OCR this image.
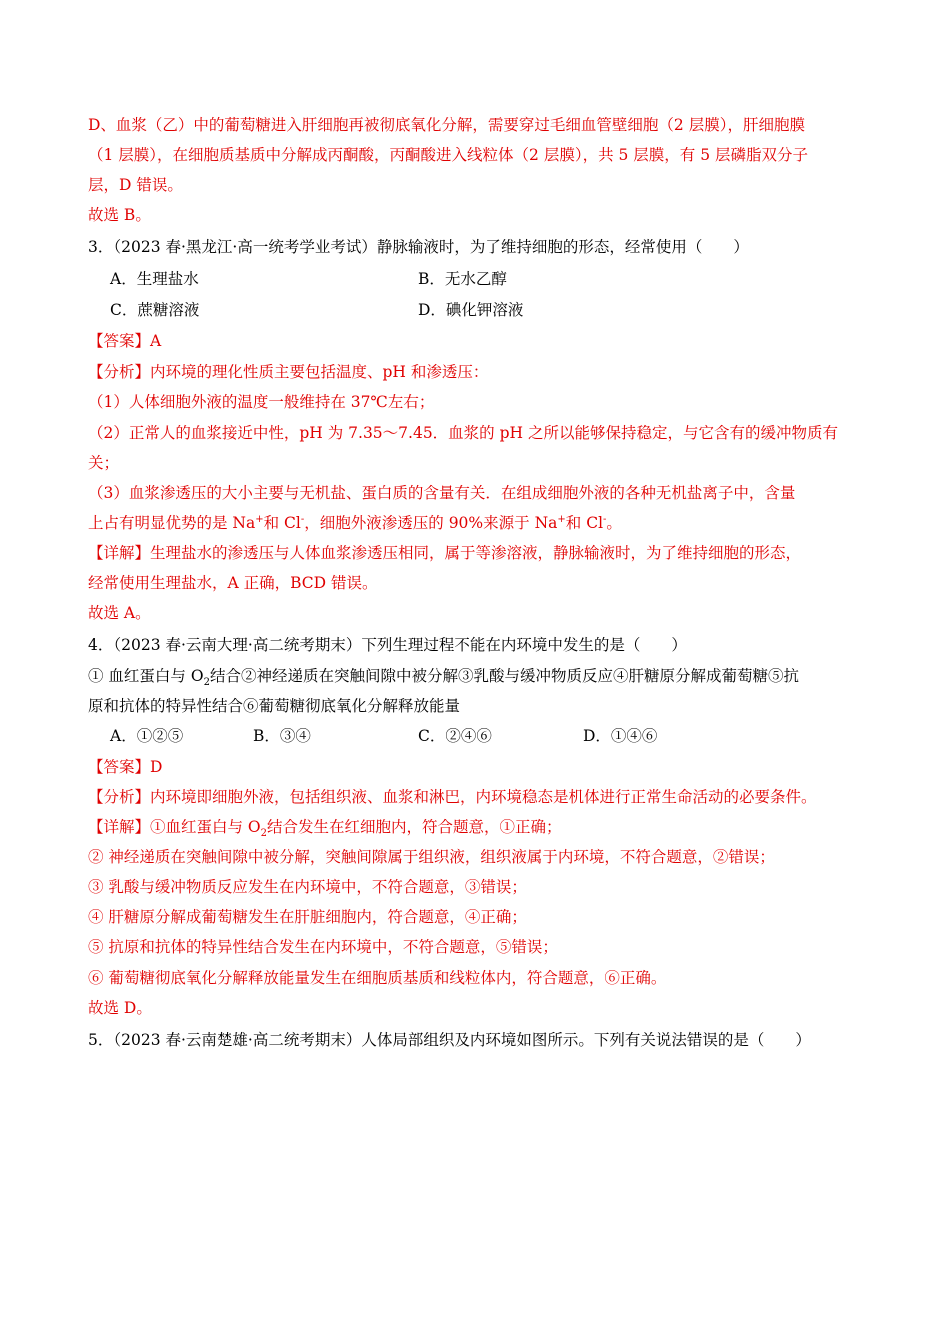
D、血浆（乙）中的葡萄糖进入肝细胞再被彻底氧化分解，需要穿过毛细血管壁细胞（2 层膜），肝细胞膜
（1 层膜），在细胞质基质中分解成丙酮酸，丙酮酸进入线粒体（2 层膜），共 5 层膜，有 5 层磷脂双分子
层，D 错误。
故选 B。
3．（2023 春·黑龙江·高一统考学业考试）静脉输液时，为了维持细胞的形态，经常使用（　　）
A．生理盐水	B．无水乙醇
C．蔗糖溶液	D．碘化钾溶液
【答案】A
【分析】内环境的理化性质主要包括温度、pH 和渗透压：
（1）人体细胞外液的温度一般维持在 37℃左右；
（2）正常人的血浆接近中性，pH 为 7.35～7.45．血浆的 pH 之所以能够保持稳定，与它含有的缓冲物质有
关；
（3）血浆渗透压的大小主要与无机盐、蛋白质的含量有关．在组成细胞外液的各种无机盐离子中，含量
上占有明显优势的是 Na+和 Cl-，细胞外液渗透压的 90%来源于 Na+和 Cl-。
【详解】生理盐水的渗透压与人体血浆渗透压相同，属于等渗溶液，静脉输液时，为了维持细胞的形态，
经常使用生理盐水，A 正确，BCD 错误。
故选 A。
4．（2023 春·云南大理·高二统考期末）下列生理过程不能在内环境中发生的是（　　）
① 血红蛋白与 $O_2$结合②神经递质在突触间隙中被分解③乳酸与缓冲物质反应④肝糖原分解成葡萄糖⑤抗
原和抗体的特异性结合⑥葡萄糖彻底氧化分解释放能量
A．①②⑤	B．③④	C．②④⑥	D．①④⑥
【答案】D
【分析】内环境即细胞外液，包括组织液、血浆和淋巴，内环境稳态是机体进行正常生命活动的必要条件。
【详解】①血红蛋白与 $O_2$结合发生在红细胞内，符合题意，①正确；
② 神经递质在突触间隙中被分解，突触间隙属于组织液，组织液属于内环境，不符合题意，②错误；
③ 乳酸与缓冲物质反应发生在内环境中，不符合题意，③错误；
④ 肝糖原分解成葡萄糖发生在肝脏细胞内，符合题意，④正确；
⑤ 抗原和抗体的特异性结合发生在内环境中，不符合题意，⑤错误；
⑥ 葡萄糖彻底氧化分解释放能量发生在细胞质基质和线粒体内，符合题意，⑥正确。
故选 D。
5．（2023 春·云南楚雄·高二统考期末）人体局部组织及内环境如图所示。下列有关说法错误的是（　　）
